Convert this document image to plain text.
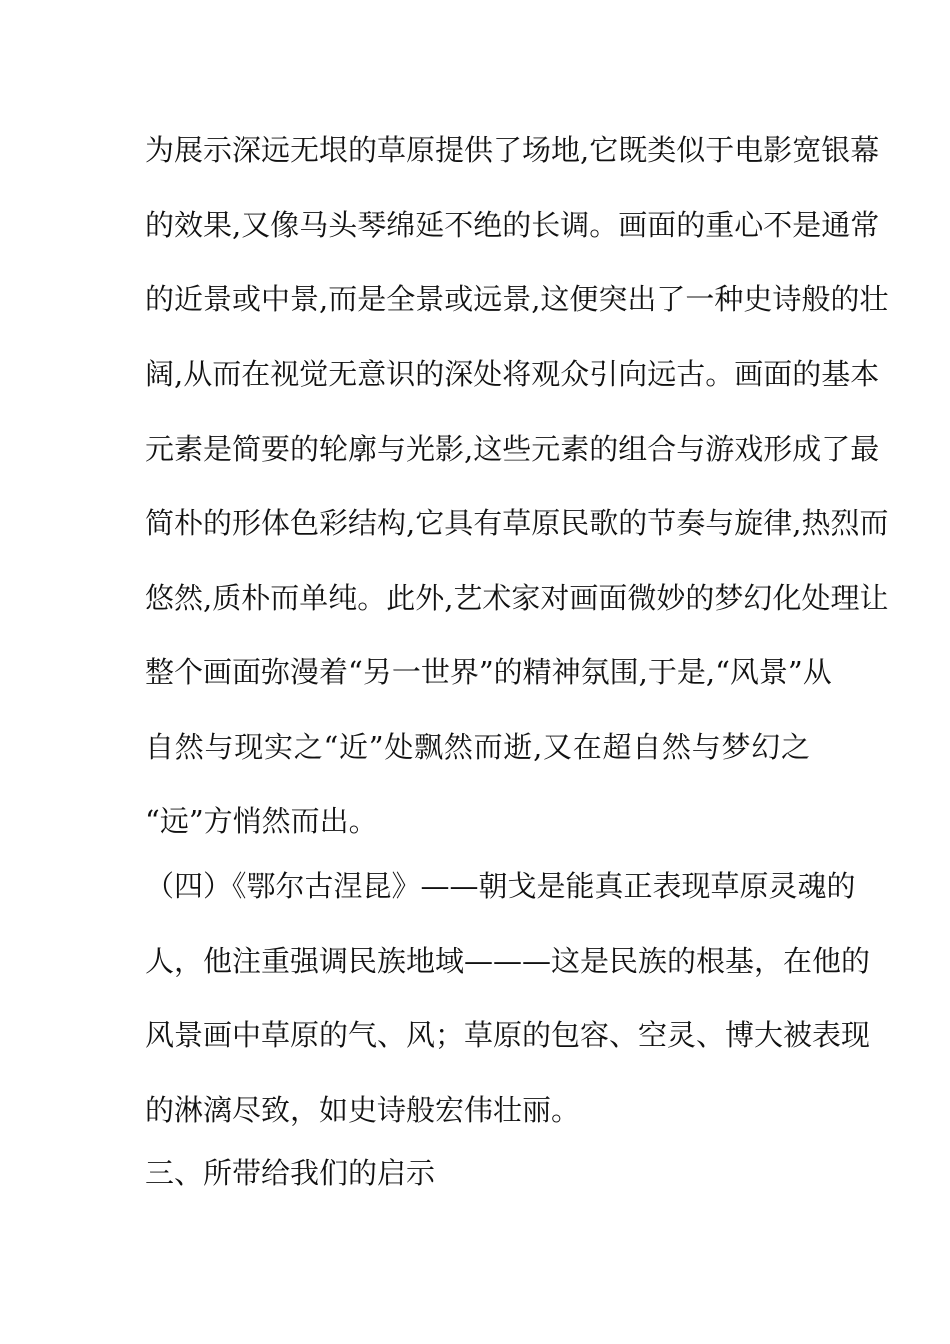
为展示深远无垠的草原提供了场地,它既类似于电影宽银幕
的效果,又像马头琴绵延不绝的长调。画面的重心不是通常
的近景或中景,而是全景或远景,这便突出了一种史诗般的壮
阔,从而在视觉无意识的深处将观众引向远古。画面的基本
元素是简要的轮廓与光影,这些元素的组合与游戏形成了最
简朴的形体色彩结构,它具有草原民歌的节奏与旋律,热烈而
悠然,质朴而单纯。此外,艺术家对画面微妙的梦幻化处理让
整个画面弥漫着“另一世界”的精神氛围,于是,“风景”从
自然与现实之“近”处飘然而逝,又在超自然与梦幻之
“远”方悄然而出。
（四）《鄂尔古涅昆》——朝戈是能真正表现草原灵魂的
人，他注重强调民族地域———这是民族的根基，在他的
风景画中草原的气、风；草原的包容、空灵、博大被表现
的淋漓尽致，如史诗般宏伟壮丽。
三、所带给我们的启示
